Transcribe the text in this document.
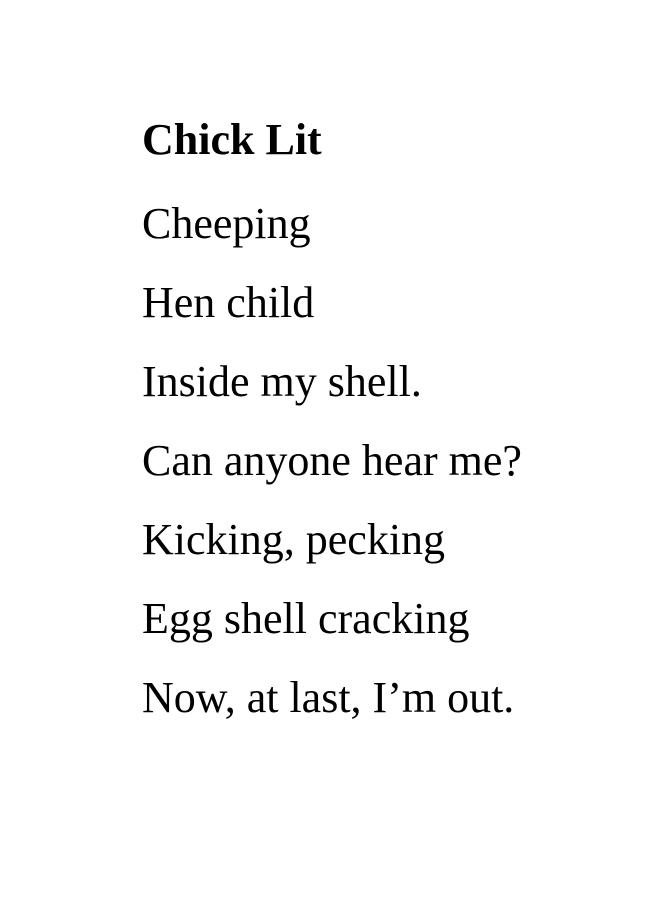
Chick Lit

Cheeping

Hen child

Inside my shell.

Can anyone hear me?

Kicking, pecking

Egg shell cracking

Now, at last, I’m out.
